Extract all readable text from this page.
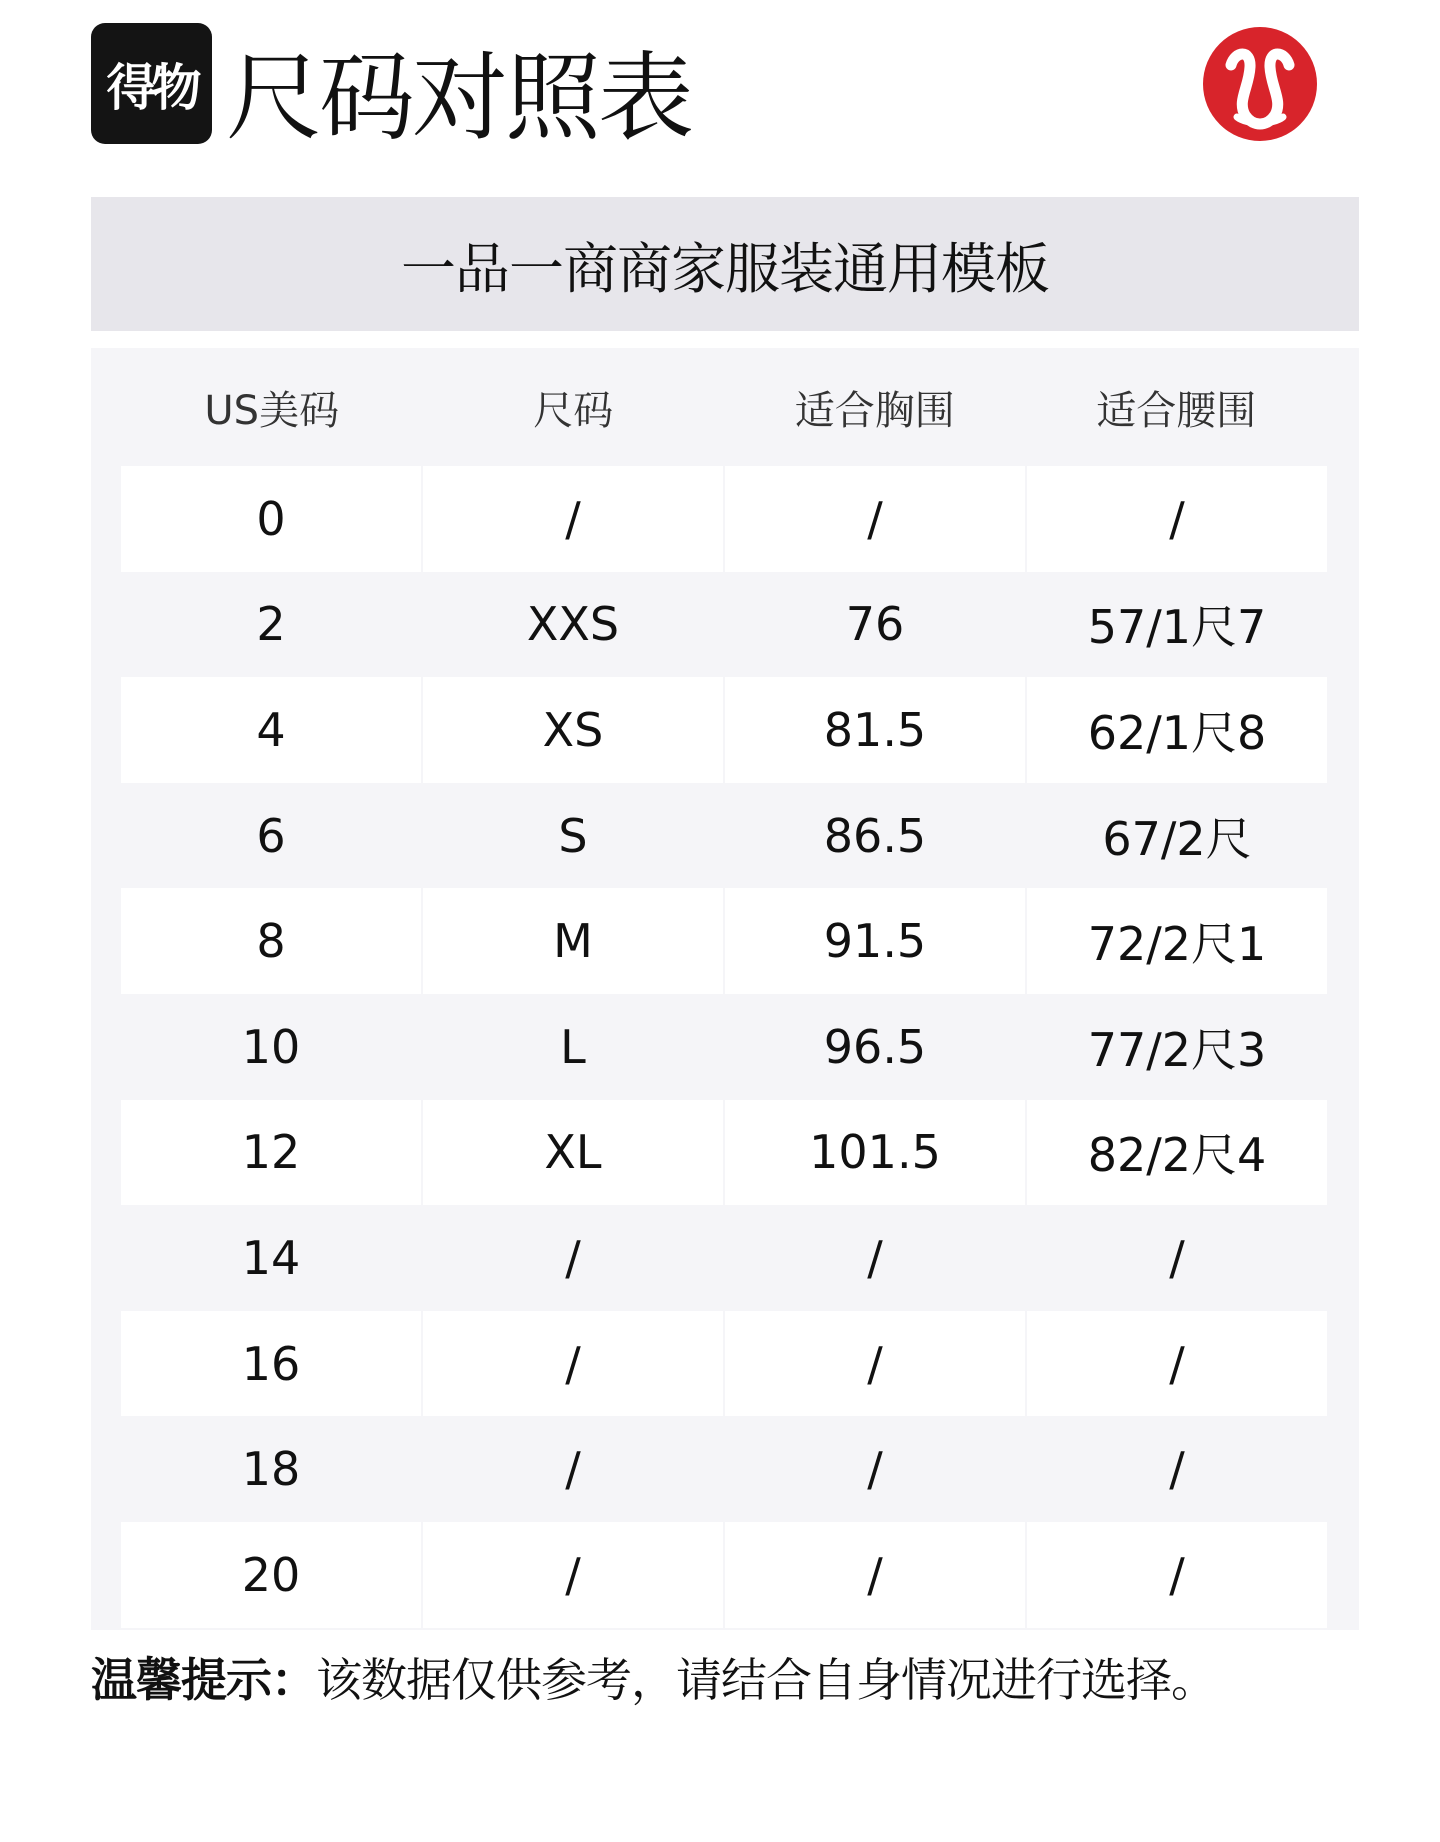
得物 尺码对照表
一品一商商家服装通用模板
US美码	尺码	适合胸围	适合腰围
0	/	/	/
2	XXS	76	57/1尺7
4	XS	81.5	62/1尺8
6	S	86.5	67/2尺
8	M	91.5	72/2尺1
10	L	96.5	77/2尺3
12	XL	101.5	82/2尺4
14	/	/	/
16	/	/	/
18	/	/	/
20	/	/	/
温馨提示：该数据仅供参考，请结合自身情况进行选择。
